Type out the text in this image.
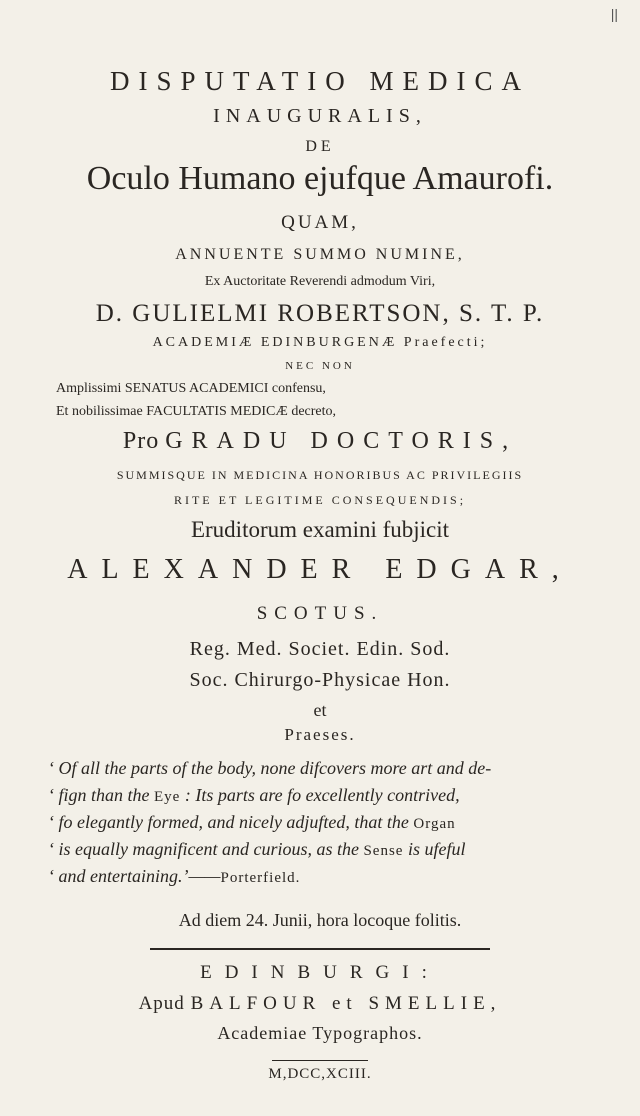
||
DISPUTATIO MEDICA
INAUGURALIS,
DE
Oculo Humano ejufque Amaurofi.
QUAM,
ANNUENTE SUMMO NUMINE,
Ex Auctoritate Reverendi admodum Viri,
D. GULIELMI ROBERTSON, S. T. P.
ACADEMIÆ EDINBURGENÆ Praefecti;
NEC NON
Amplissimi SENATUS ACADEMICI confensu,
Et nobilissimae FACULTATIS MEDICÆ decreto,
Pro GRADU DOCTORIS,
SUMMISQUE IN MEDICINA HONORIBUS AC PRIVILEGIIS
RITE ET LEGITIME CONSEQUENDIS;
Eruditorum examini fubjicit
ALEXANDER EDGAR,
SCOTUS.
Reg. Med. Societ. Edin. Sod.
Soc. Chirurgo-Physicae Hon.
et
Praeses.
‘ Of all the parts of the body, none difcovers more art and de-
‘ fign than the Eye : Its parts are fo excellently contrived,
‘ fo elegantly formed, and nicely adjufted, that the Organ
‘ is equally magnificent and curious, as the Sense is ufeful
‘ and entertaining.’——Porterfield.
Ad diem 24. Junii, hora locoque folitis.
EDINBURGI:
Apud BALFOUR et SMELLIE,
Academiae Typographos.
M,DCC,XCIII.
